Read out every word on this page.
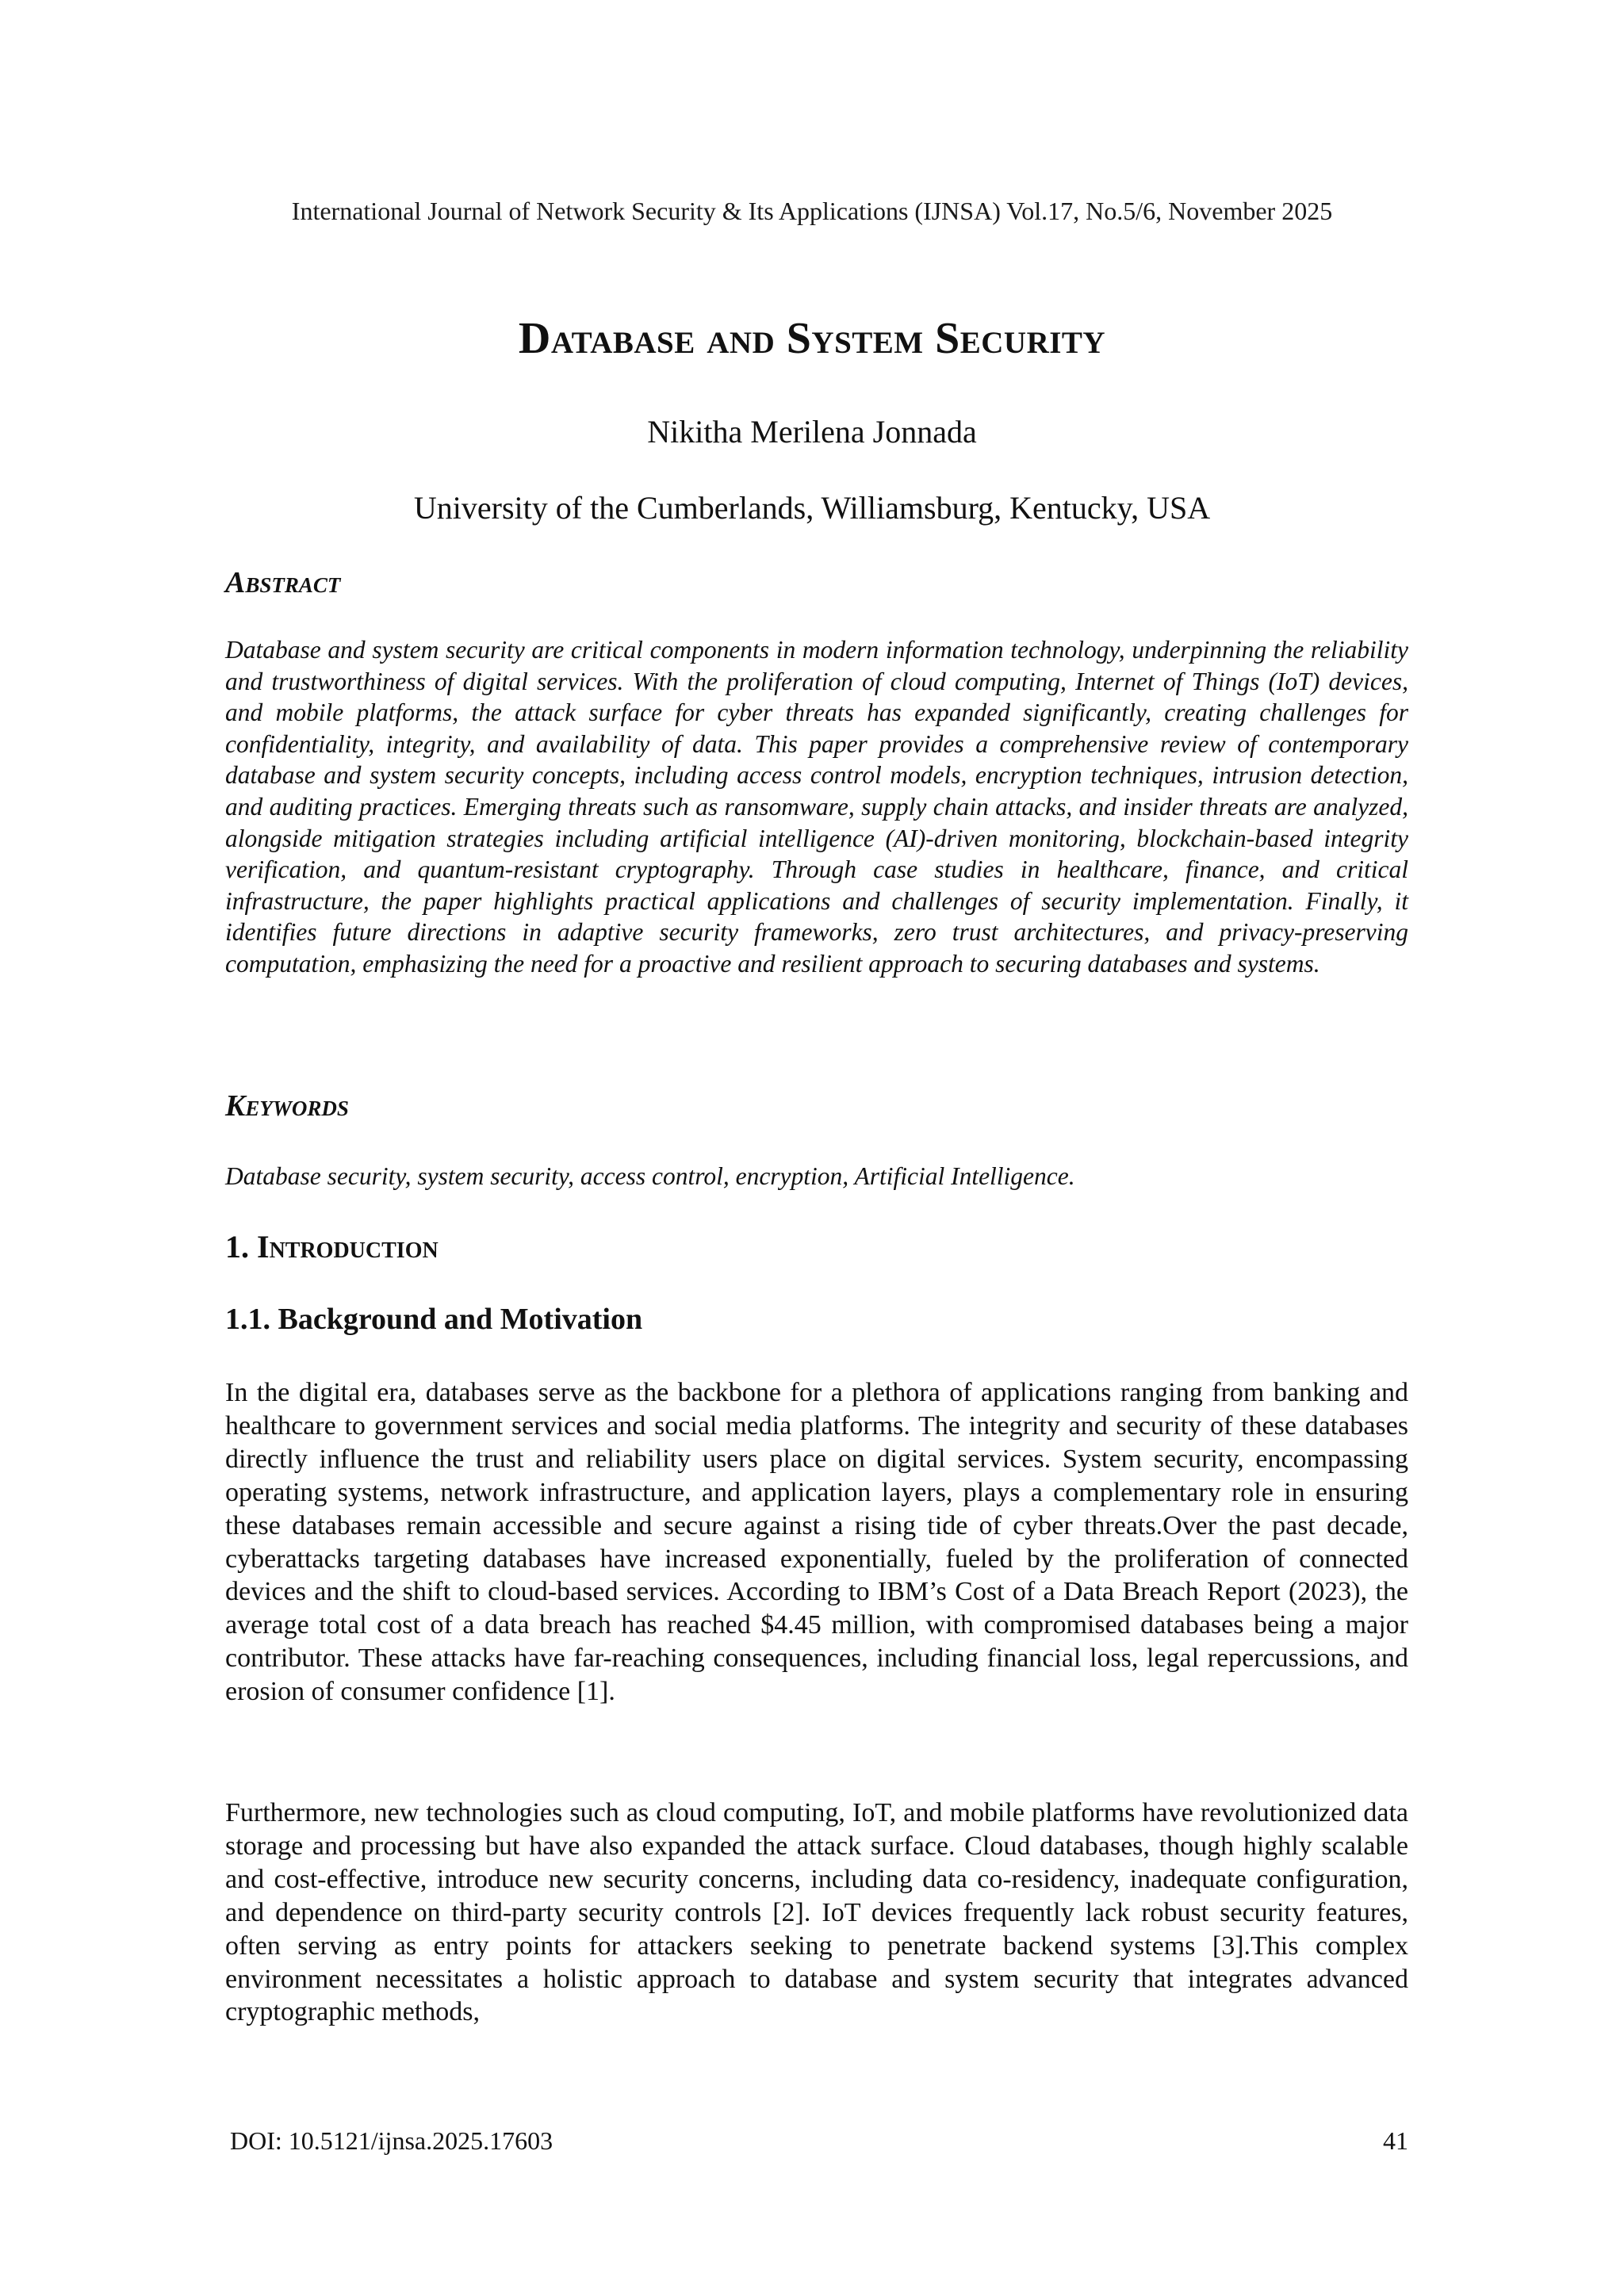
International Journal of Network Security & Its Applications (IJNSA) Vol.17, No.5/6, November 2025
Database and System Security
Nikitha Merilena Jonnada
University of the Cumberlands, Williamsburg, Kentucky, USA
Abstract
Database and system security are critical components in modern information technology, underpinning the reliability and trustworthiness of digital services. With the proliferation of cloud computing, Internet of Things (IoT) devices, and mobile platforms, the attack surface for cyber threats has expanded significantly, creating challenges for confidentiality, integrity, and availability of data. This paper provides a comprehensive review of contemporary database and system security concepts, including access control models, encryption techniques, intrusion detection, and auditing practices. Emerging threats such as ransomware, supply chain attacks, and insider threats are analyzed, alongside mitigation strategies including artificial intelligence (AI)-driven monitoring, blockchain-based integrity verification, and quantum-resistant cryptography. Through case studies in healthcare, finance, and critical infrastructure, the paper highlights practical applications and challenges of security implementation. Finally, it identifies future directions in adaptive security frameworks, zero trust architectures, and privacy-preserving computation, emphasizing the need for a proactive and resilient approach to securing databases and systems.
Keywords
Database security, system security, access control, encryption, Artificial Intelligence.
1. Introduction
1.1. Background and Motivation
In the digital era, databases serve as the backbone for a plethora of applications ranging from banking and healthcare to government services and social media platforms. The integrity and security of these databases directly influence the trust and reliability users place on digital services. System security, encompassing operating systems, network infrastructure, and application layers, plays a complementary role in ensuring these databases remain accessible and secure against a rising tide of cyber threats.Over the past decade, cyberattacks targeting databases have increased exponentially, fueled by the proliferation of connected devices and the shift to cloud-based services. According to IBM’s Cost of a Data Breach Report (2023), the average total cost of a data breach has reached $4.45 million, with compromised databases being a major contributor. These attacks have far-reaching consequences, including financial loss, legal repercussions, and erosion of consumer confidence [1].
Furthermore, new technologies such as cloud computing, IoT, and mobile platforms have revolutionized data storage and processing but have also expanded the attack surface. Cloud databases, though highly scalable and cost-effective, introduce new security concerns, including data co-residency, inadequate configuration, and dependence on third-party security controls [2]. IoT devices frequently lack robust security features, often serving as entry points for attackers seeking to penetrate backend systems [3].This complex environment necessitates a holistic approach to database and system security that integrates advanced cryptographic methods,
DOI: 10.5121/ijnsa.2025.17603	41
